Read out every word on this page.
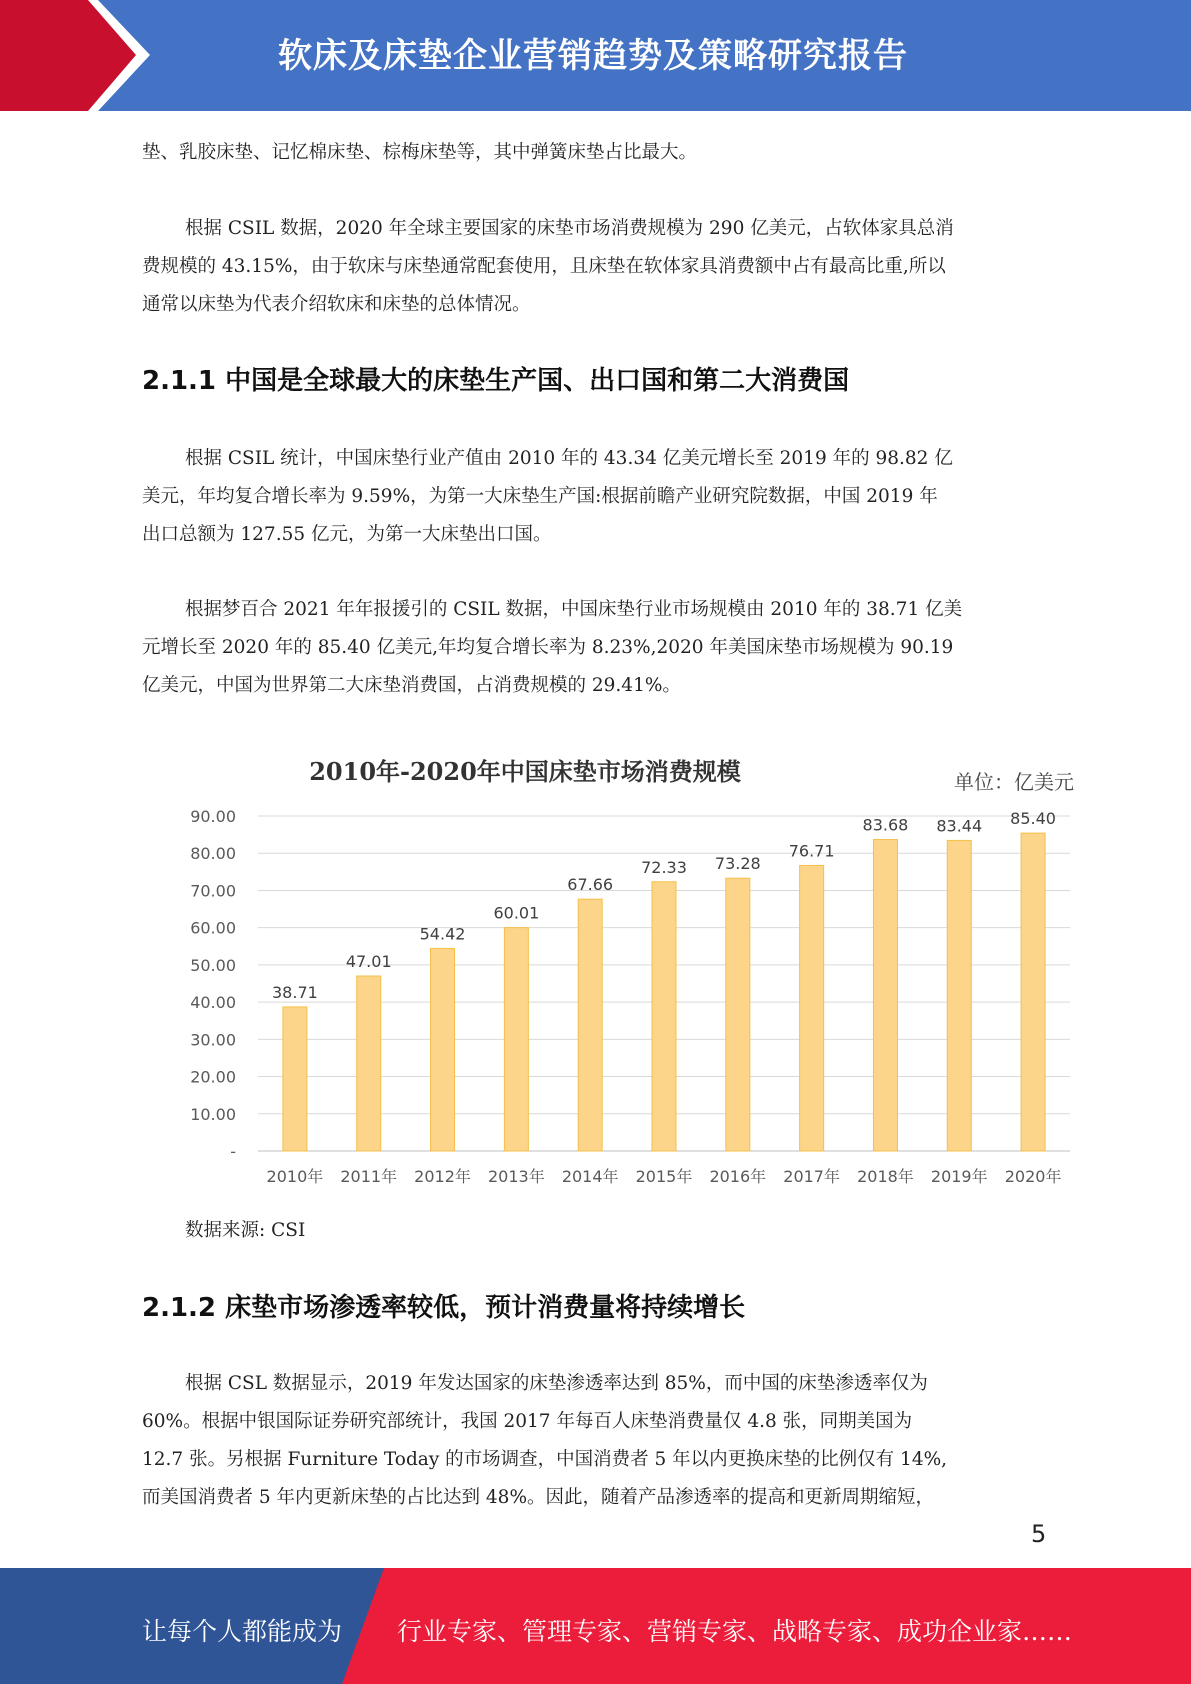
软床及床垫企业营销趋势及策略研究报告

垫、乳胶床垫、记忆棉床垫、棕梅床垫等，其中弹簧床垫占比最大。

根据 CSIL 数据，2020 年全球主要国家的床垫市场消费规模为 290 亿美元，占软体家具总消
费规模的 43.15%，由于软床与床垫通常配套使用，且床垫在软体家具消费额中占有最高比重,所以
通常以床垫为代表介绍软床和床垫的总体情况。

2.1.1 中国是全球最大的床垫生产国、出口国和第二大消费国

根据 CSIL 统计，中国床垫行业产值由 2010 年的 43.34 亿美元增长至 2019 年的 98.82 亿
美元，年均复合增长率为 9.59%，为第一大床垫生产国:根据前瞻产业研究院数据，中国 2019 年
出口总额为 127.55 亿元，为第一大床垫出口国。

根据梦百合 2021 年年报援引的 CSIL 数据，中国床垫行业市场规模由 2010 年的 38.71 亿美
元增长至 2020 年的 85.40 亿美元,年均复合增长率为 8.23%,2020 年美国床垫市场规模为 90.19
亿美元，中国为世界第二大床垫消费国，占消费规模的 29.41%。

2010年-2020年中国床垫市场消费规模	单位：亿美元
-
10.00
20.00
30.00
40.00
50.00
60.00
70.00
80.00
90.00
38.71
47.01
54.42
60.01
67.66
72.33 73.28
76.71
83.68 83.44 85.40
2010年 2011年 2012年 2013年 2014年 2015年 2016年 2017年 2018年 2019年 2020年

数据来源: CSI

5
2.1.2 床垫市场渗透率较低，预计消费量将持续增长

根据 CSL 数据显示，2019 年发达国家的床垫渗透率达到 85%，而中国的床垫渗透率仅为
60%。根据中银国际证券研究部统计，我国 2017 年每百人床垫消费量仅 4.8 张，同期美国为
12.7 张。另根据 Furniture Today 的市场调查，中国消费者 5 年以内更换床垫的比例仅有 14%,
而美国消费者 5 年内更新床垫的占比达到 48%。因此，随着产品渗透率的提高和更新周期缩短，

让每个人都能成为 行业专家、管理专家、营销专家、战略专家、成功企业家……
